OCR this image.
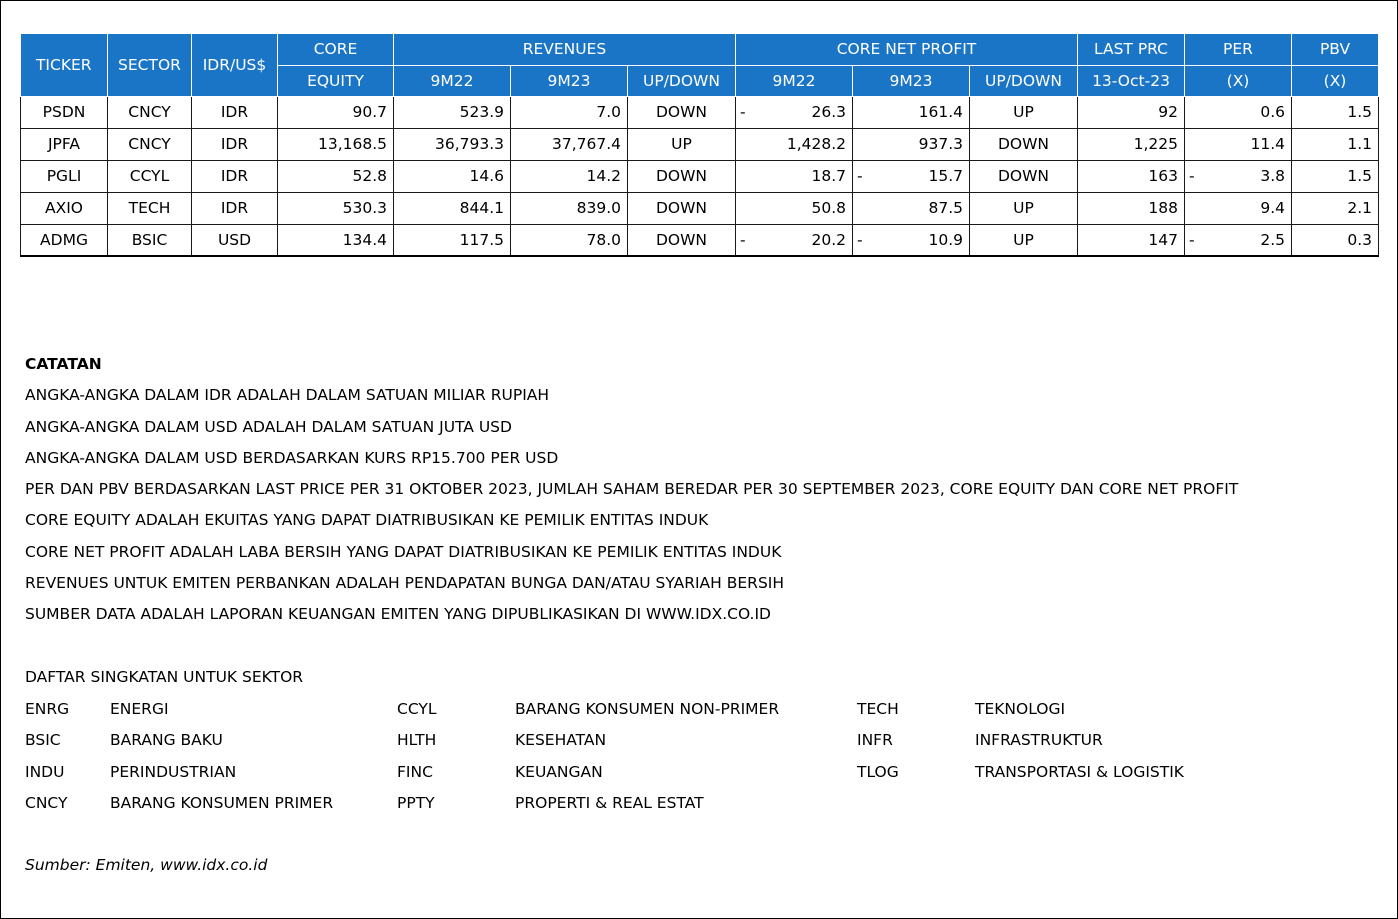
TICKER	SECTOR	IDR/US$	CORE	REVENUES			CORE NET PROFIT			LAST PRC	PER	PBV
			EQUITY	9M22	9M23	UP/DOWN	9M22	9M23	UP/DOWN	13-Oct-23	(X)	(X)
PSDN	CNCY	IDR	90.7	523.9	7.0	DOWN	- 26.3	161.4	UP	92	0.6	1.5
JPFA	CNCY	IDR	13,168.5	36,793.3	37,767.4	UP	1,428.2	937.3	DOWN	1,225	11.4	1.1
PGLI	CCYL	IDR	52.8	14.6	14.2	DOWN	18.7	- 15.7	DOWN	163	- 3.8	1.5
AXIO	TECH	IDR	530.3	844.1	839.0	DOWN	50.8	87.5	UP	188	9.4	2.1
ADMG	BSIC	USD	134.4	117.5	78.0	DOWN	- 20.2	- 10.9	UP	147	- 2.5	0.3
CATATAN
ANGKA-ANGKA DALAM IDR ADALAH DALAM SATUAN MILIAR RUPIAH
ANGKA-ANGKA DALAM USD ADALAH DALAM SATUAN JUTA USD
ANGKA-ANGKA DALAM USD BERDASARKAN KURS RP15.700 PER USD
PER DAN PBV BERDASARKAN LAST PRICE PER 31 OKTOBER 2023, JUMLAH SAHAM BEREDAR PER 30 SEPTEMBER 2023, CORE EQUITY DAN CORE NET PROFIT
CORE EQUITY ADALAH EKUITAS YANG DAPAT DIATRIBUSIKAN KE PEMILIK ENTITAS INDUK
CORE NET PROFIT ADALAH LABA BERSIH YANG DAPAT DIATRIBUSIKAN KE PEMILIK ENTITAS INDUK
REVENUES UNTUK EMITEN PERBANKAN ADALAH PENDAPATAN BUNGA DAN/ATAU SYARIAH BERSIH
SUMBER DATA ADALAH LAPORAN KEUANGAN EMITEN YANG DIPUBLIKASIKAN DI WWW.IDX.CO.ID
DAFTAR SINGKATAN UNTUK SEKTOR
ENRG	ENERGI	CCYL	BARANG KONSUMEN NON-PRIMER	TECH	TEKNOLOGI
BSIC	BARANG BAKU	HLTH	KESEHATAN	INFR	INFRASTRUKTUR
INDU	PERINDUSTRIAN	FINC	KEUANGAN	TLOG	TRANSPORTASI & LOGISTIK
CNCY	BARANG KONSUMEN PRIMER	PPTY	PROPERTI & REAL ESTAT
Sumber: Emiten, www.idx.co.id
